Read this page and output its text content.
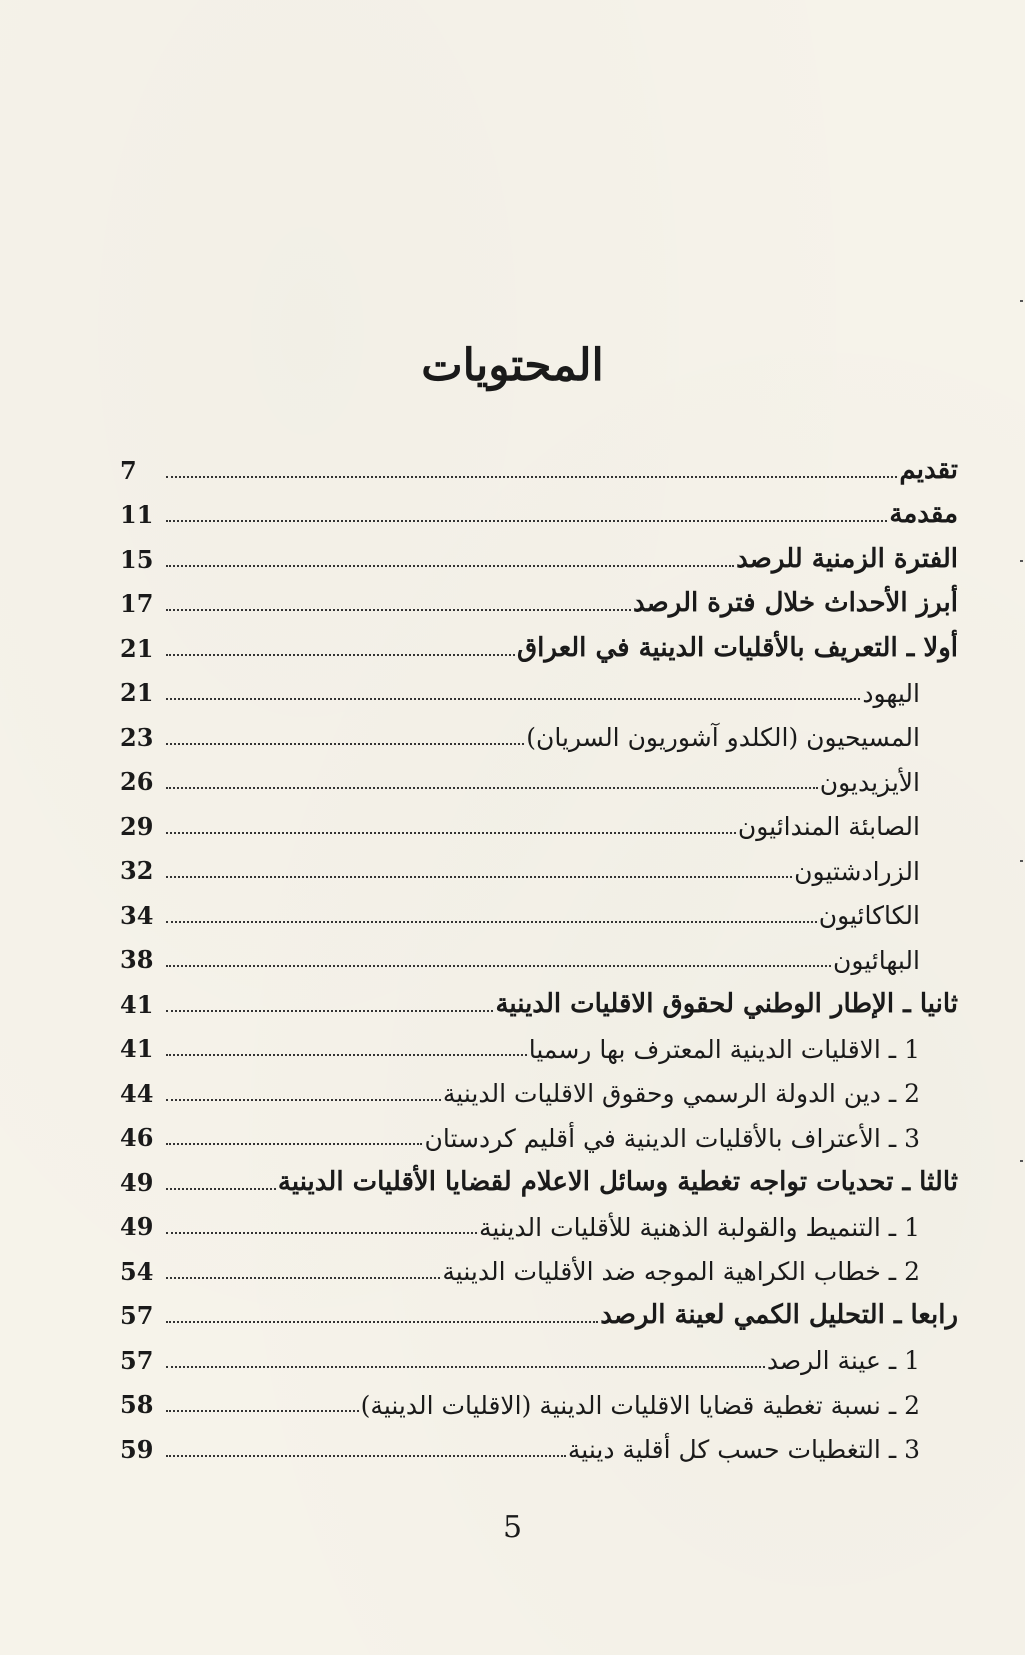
المحتويات
تقديم
7
مقدمة
11
الفترة الزمنية للرصد
15
أبرز الأحداث خلال فترة الرصد
17
أولا ـ التعريف بالأقليات الدينية في العراق
21
اليهود
21
المسيحيون (الكلدو آشوريون السريان)
23
الأيزيديون
26
الصابئة المندائيون
29
الزرادشتيون
32
الكاكائيون
34
البهائيون
38
ثانيا ـ الإطار الوطني لحقوق الاقليات الدينية
41
1 ـ الاقليات الدينية المعترف بها رسميا
41
2 ـ دين الدولة الرسمي وحقوق الاقليات الدينية
44
3 ـ الأعتراف بالأقليات الدينية في أقليم كردستان
46
ثالثا ـ تحديات تواجه تغطية وسائل الاعلام لقضايا الأقليات الدينية
49
1 ـ التنميط والقولبة الذهنية للأقليات الدينية
49
2 ـ خطاب الكراهية الموجه ضد الأقليات الدينية
54
رابعا ـ التحليل الكمي لعينة الرصد
57
1 ـ عينة الرصد
57
2 ـ نسبة تغطية قضايا الاقليات الدينية (الاقليات الدينية)
58
3 ـ التغطيات حسب كل أقلية دينية
59
5
